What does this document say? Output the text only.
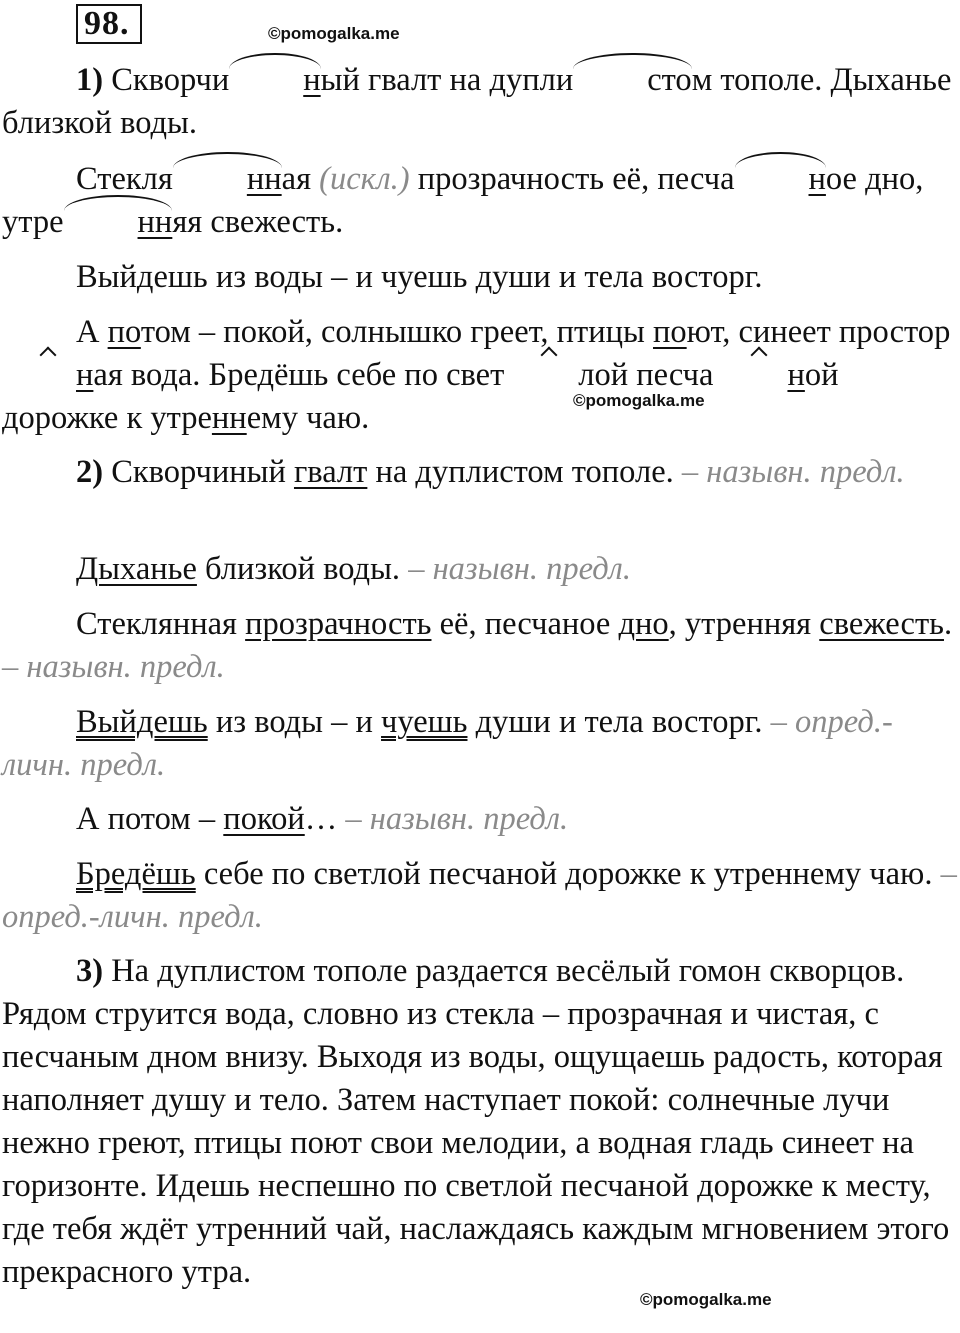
98.	©pomogalka.me
©pomogalka.me
©pomogalka.me

1) Скворчи ный гвалт на дупли стом тополе. Дыханье близкой воды.

Стекля нная (искл.) прозрачность её, песча ное дно, утре нняя свежесть.

Выйдешь из воды – и чуешь души и тела восторг.

А потом – покой, солнышко греет, птицы поют, синеет просторная вода. Бредёшь себе по свет лой песча ной дорожке к утреннему чаю.

2) Скворчиный гвалт на дуплистом тополе. – назывн. предл.

Дыханье близкой воды. – назывн. предл.

Стеклянная прозрачность её, песчаное дно, утренняя свежесть. – назывн. предл.

Выйдешь из воды – и чуешь души и тела восторг. – опред.-личн. предл.

А потом – покой… – назывн. предл.

Бредёшь себе по светлой песчаной дорожке к утреннему чаю. – опред.-личн. предл.

3) На дуплистом тополе раздается весёлый гомон скворцов. Рядом струится вода, словно из стекла – прозрачная и чистая, с песчаным дном внизу. Выходя из воды, ощущаешь радость, которая наполняет душу и тело. Затем наступает покой: солнечные лучи нежно греют, птицы поют свои мелодии, а водная гладь синеет на горизонте. Идешь неспешно по светлой песчаной дорожке к месту, где тебя ждёт утренний чай, наслаждаясь каждым мгновением этого прекрасного утра.
